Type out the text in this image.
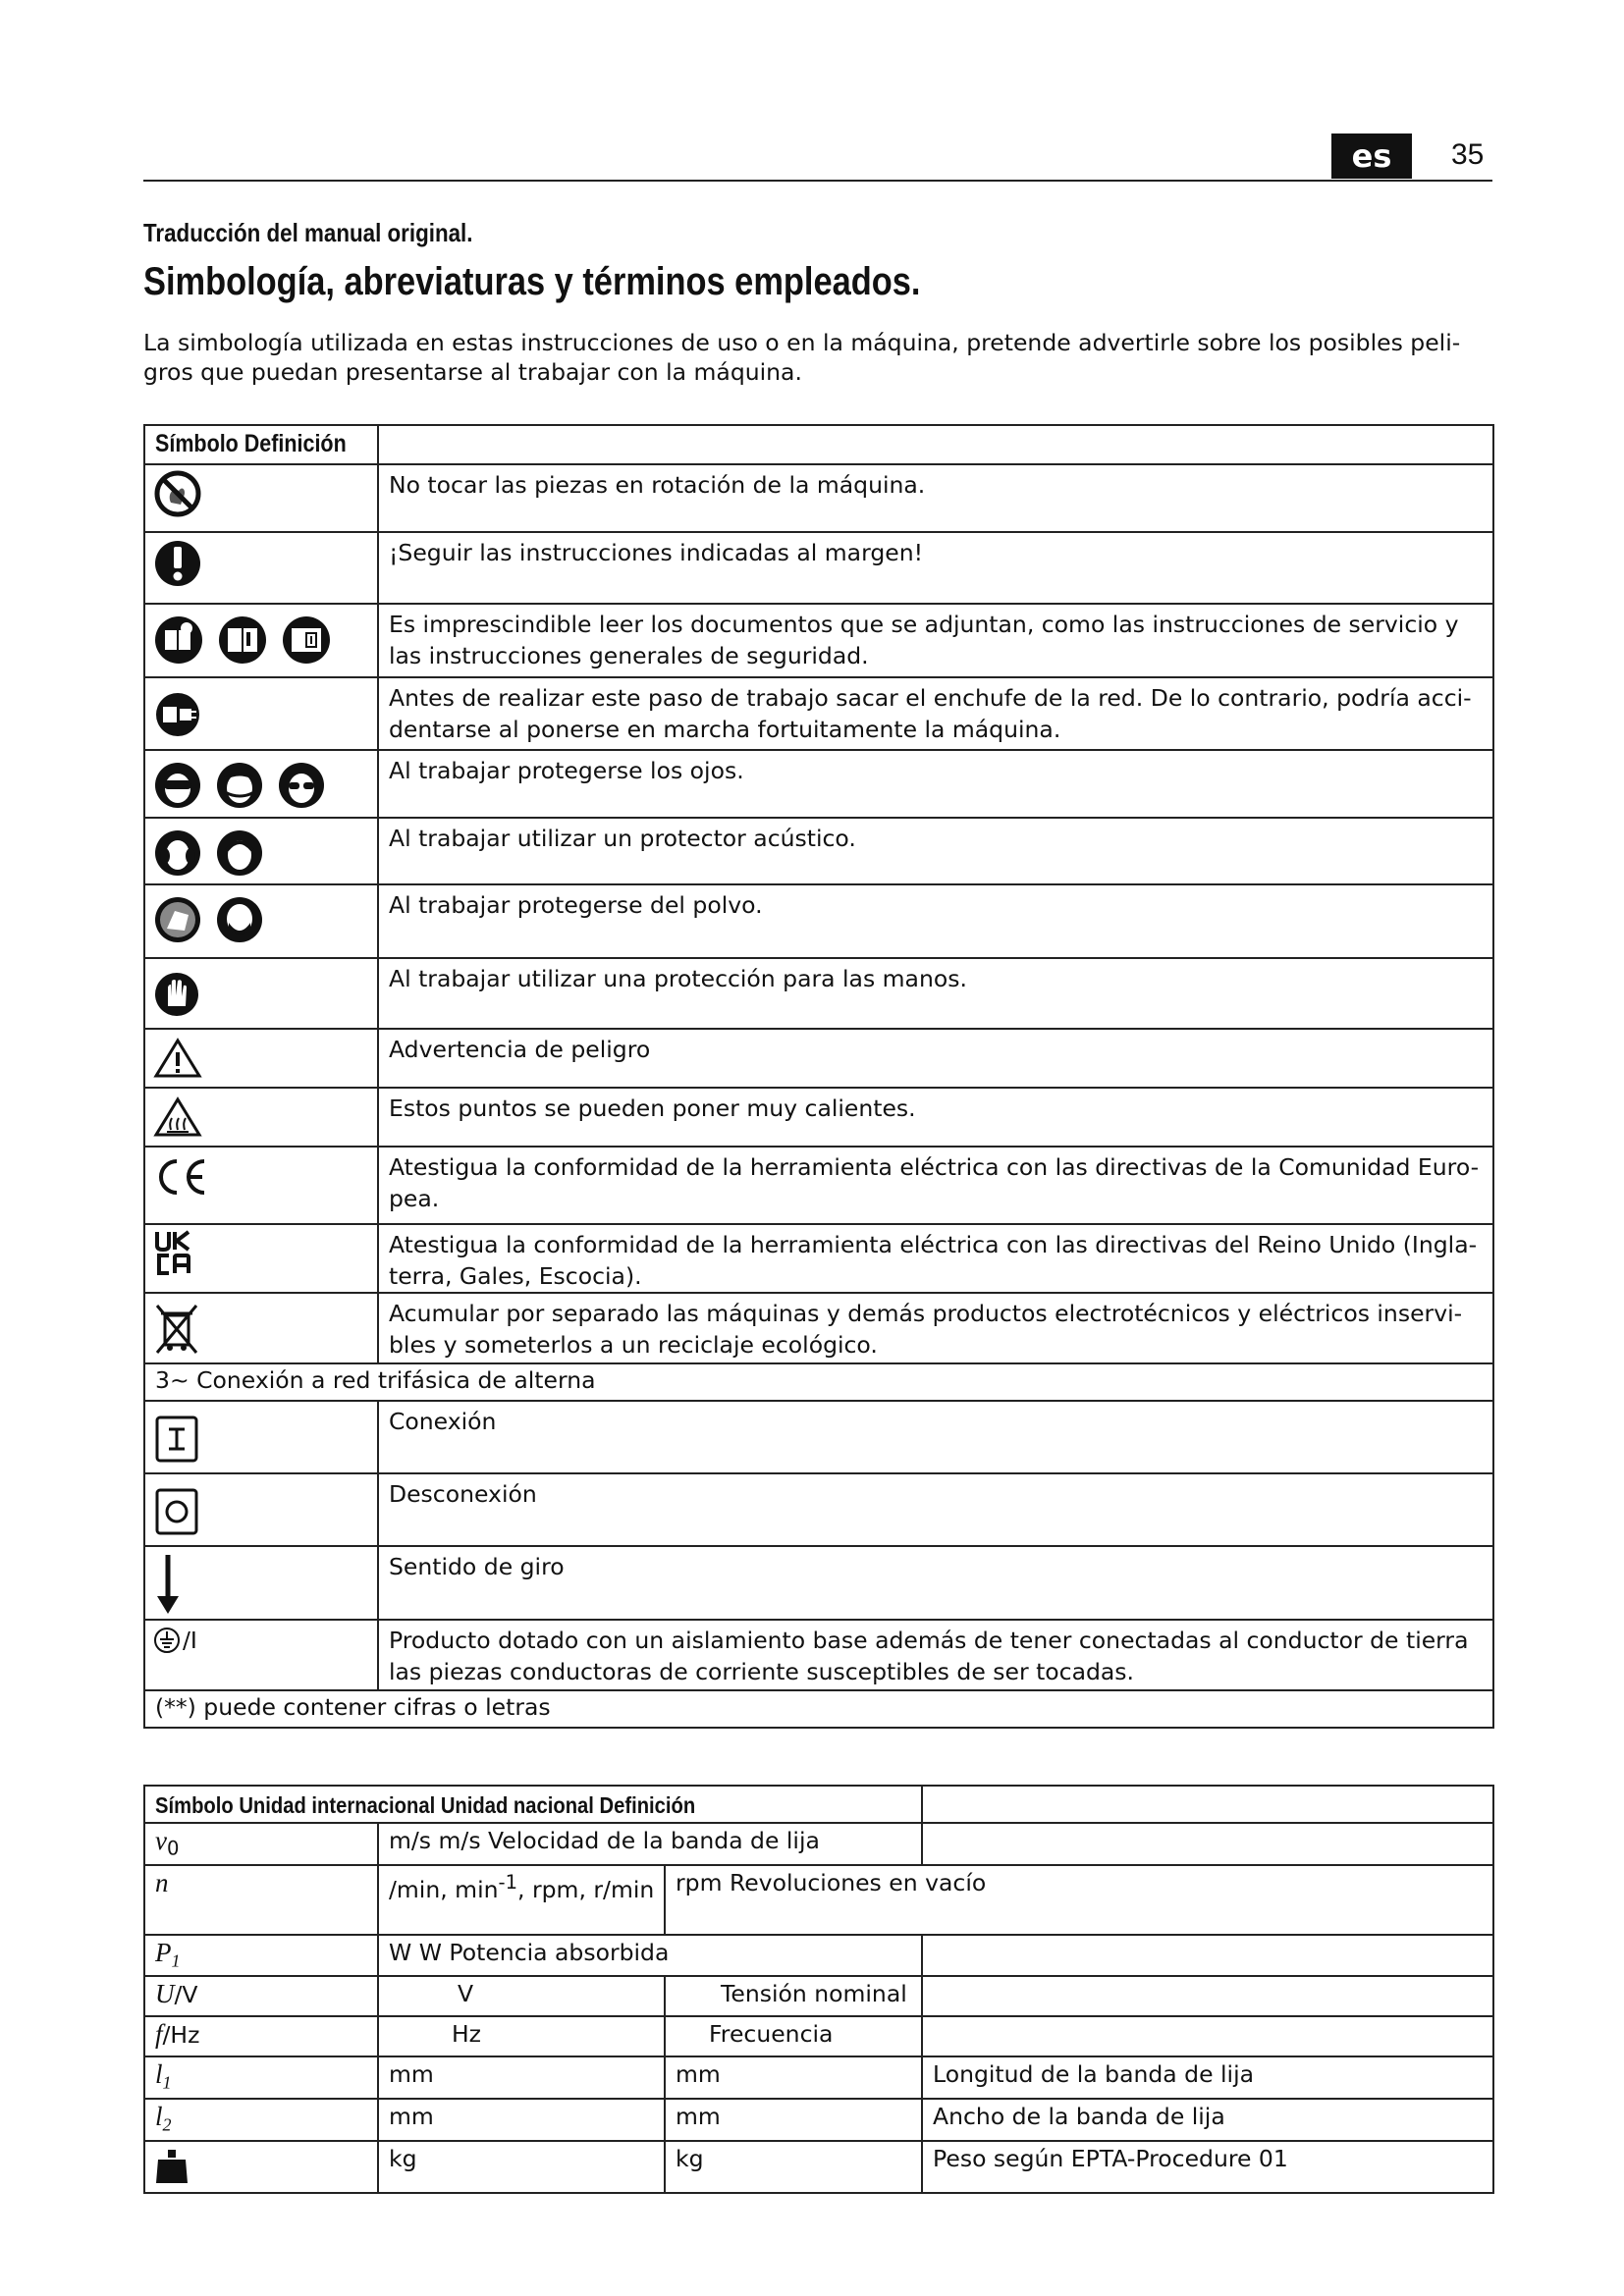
es	35
Traducción del manual original.
Simbología, abreviaturas y términos empleados.
La simbología utilizada en estas instrucciones de uso o en la máquina, pretende advertirle sobre los posibles peli-gros que puedan presentarse al trabajar con la máquina.
Símbolo Definición	

	No tocar las piezas en rotación de la máquina.

	¡Seguir las instrucciones indicadas al margen!

	Es imprescindible leer los documentos que se adjuntan, como las instrucciones de servicio y las instrucciones generales de seguridad.

	Antes de realizar este paso de trabajo sacar el enchufe de la red. De lo contrario, podría acci-dentarse al ponerse en marcha fortuitamente la máquina.

	Al trabajar protegerse los ojos.

	Al trabajar utilizar un protector acústico.

	Al trabajar protegerse del polvo.

	Al trabajar utilizar una protección para las manos.

	Advertencia de peligro

	Estos puntos se pueden poner muy calientes.

	Atestigua la conformidad de la herramienta eléctrica con las directivas de la Comunidad Euro-pea.

	Atestigua la conformidad de la herramienta eléctrica con las directivas del Reino Unido (Ingla-terra, Gales, Escocia).

	Acumular por separado las máquinas y demás productos electrotécnicos y eléctricos inservi-bles y someterlos a un reciclaje ecológico.
3~ Conexión a red trifásica de alterna	

	Conexión

	Desconexión

	Sentido de giro

/I	Producto dotado con un aislamiento base además de tener conectadas al conductor de tierra las piezas conductoras de corriente susceptibles de ser tocadas.
(**) puede contener cifras o letras	
Símbolo Unidad internacional Unidad nacional Definición			
$v_0$	m/s m/s Velocidad de la banda de lija		
n	/min, $\min^{-1}$, rpm, r/min	rpm Revoluciones en vacío	
$P_1$	W W Potencia absorbida		
U/V	V	Tensión nominal	
f/Hz	Hz	Frecuencia	
$l_1$	mm	mm	Longitud de la banda de lija
$l_2$	mm	mm	Ancho de la banda de lija

	kg	kg	Peso según EPTA-Procedure 01
